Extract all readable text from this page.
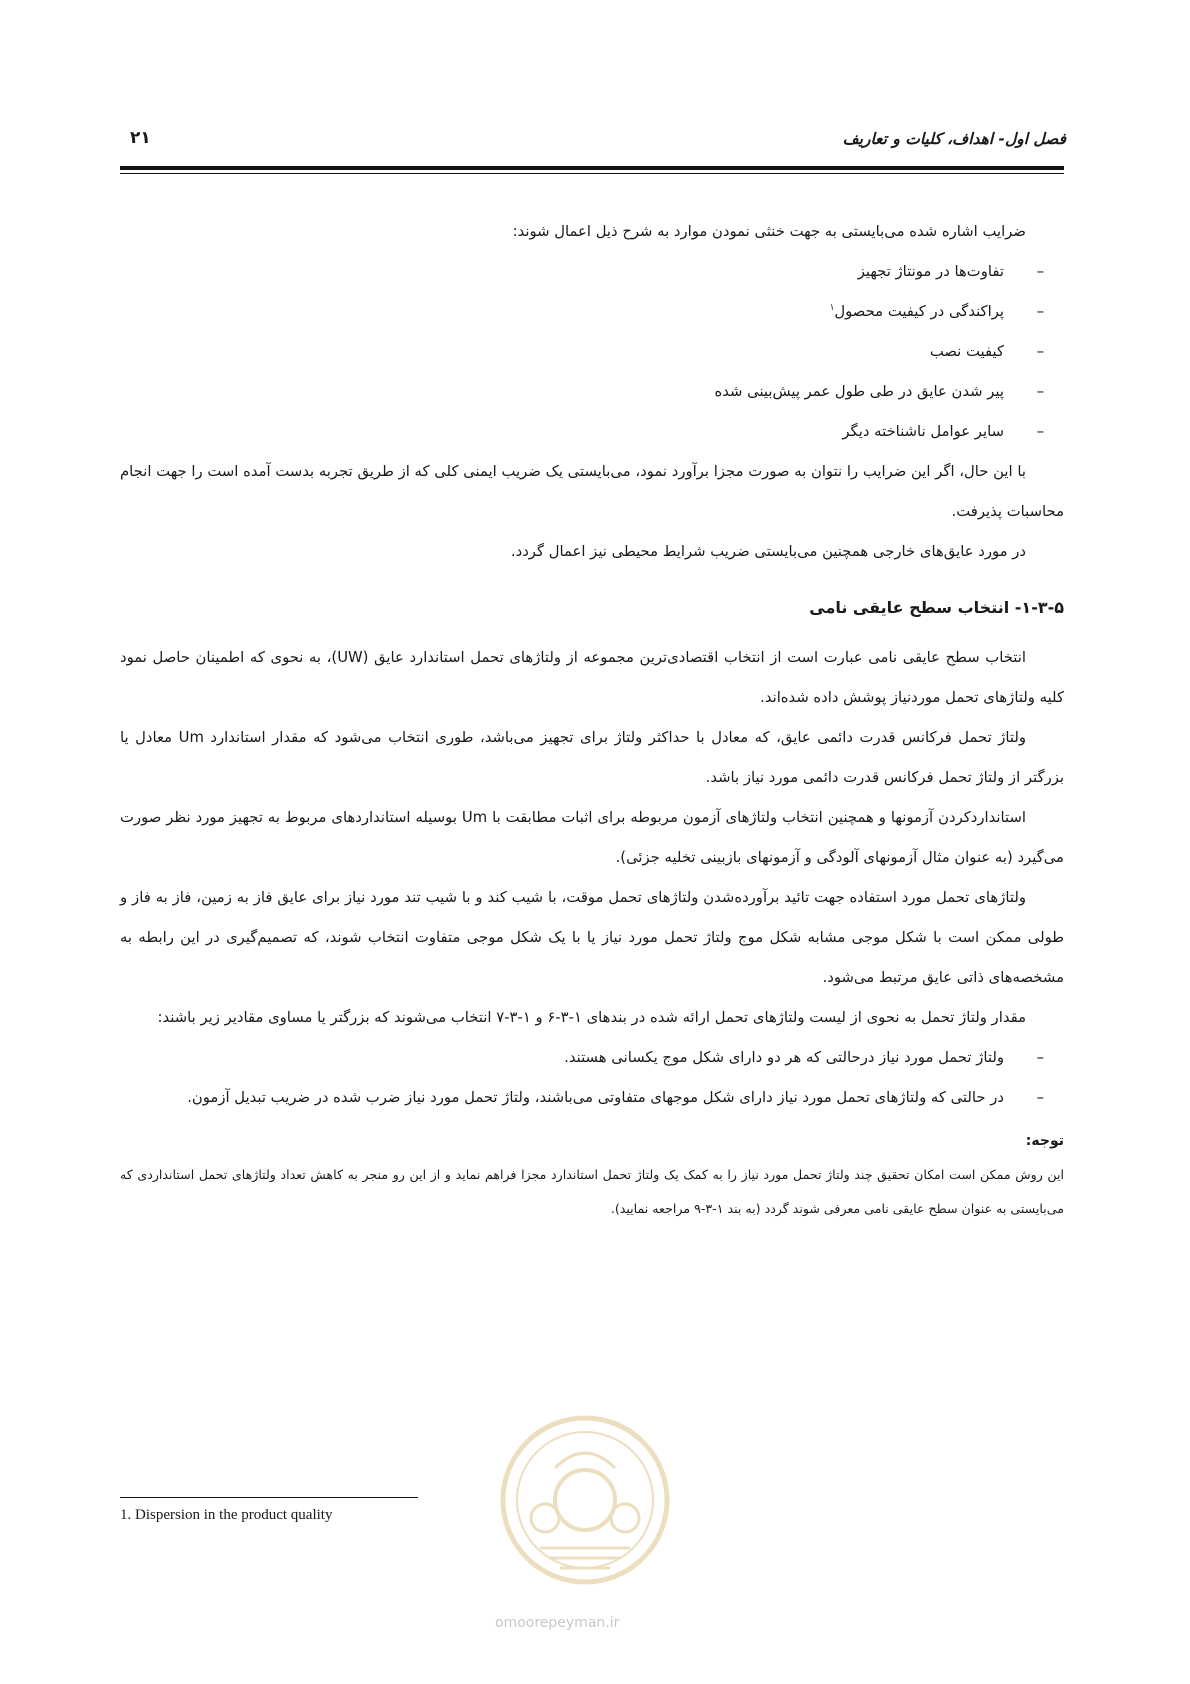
فصل اول- اهداف، کلیات و تعاریف
۲۱

ضرایب اشاره شده می‌بایستی به جهت خنثی نمودن موارد به شرح ذیل اعمال شوند:

–
تفاوت‌ها در مونتاژ تجهیز
–
پراکندگی در کیفیت محصول$^۱$
–
کیفیت نصب
–
پیر شدن عایق در طی طول عمر پیش‌بینی شده
–
سایر عوامل ناشناخته دیگر

با این حال، اگر این ضرایب را نتوان به صورت مجزا برآورد نمود، می‌بایستی یک ضریب ایمنی کلی که از طریق تجربه بدست آمده است را جهت انجام محاسبات پذیرفت.

در مورد عایق‌های خارجی همچنین می‌بایستی ضریب شرایط محیطی نیز اعمال گردد.

۱-۳-۵- انتخاب سطح عایقی نامی

انتخاب سطح عایقی نامی عبارت است از انتخاب اقتصادی‌ترین مجموعه از ولتاژهای تحمل استاندارد عایق (UW)، به نحوی که اطمینان حاصل نمود کلیه ولتاژهای تحمل موردنیاز پوشش داده شده‌اند.

ولتاژ تحمل فرکانس قدرت دائمی عایق، که معادل با حداکثر ولتاژ برای تجهیز می‌باشد، طوری انتخاب می‌شود که مقدار استاندارد Um معادل یا بزرگتر از ولتاژ تحمل فرکانس قدرت دائمی مورد نیاز باشد.

استانداردکردن آزمونها و همچنین انتخاب ولتاژهای آزمون مربوطه برای اثبات مطابقت با Um بوسیله استانداردهای مربوط به تجهیز مورد نظر صورت می‌گیرد (به عنوان مثال آزمونهای آلودگی و آزمونهای بازبینی تخلیه جزئی).

ولتاژهای تحمل مورد استفاده جهت تائید برآورده‌شدن ولتاژهای تحمل موقت، با شیب کند و با شیب تند مورد نیاز برای عایق فاز به زمین، فاز به فاز و طولی ممکن است با شکل موجی مشابه شکل موج ولتاژ تحمل مورد نیاز یا با یک شکل موجی متفاوت انتخاب شوند، که تصمیم‌گیری در این رابطه به مشخصه‌های ذاتی عایق مرتبط می‌شود.

مقدار ولتاژ تحمل به نحوی از لیست ولتاژهای تحمل ارائه شده در بندهای ۱-۳-۶ و ۱-۳-۷ انتخاب می‌شوند که بزرگتر یا مساوی مقادیر زیر باشند:

–
ولتاژ تحمل مورد نیاز درحالتی که هر دو دارای شکل موج یکسانی هستند.
–
در حالتی که ولتاژهای تحمل مورد نیاز دارای شکل موجهای متفاوتی می‌باشند، ولتاژ تحمل مورد نیاز ضرب شده در ضریب تبدیل آزمون.
توجه:

این روش ممکن است امکان تحقیق چند ولتاژ تحمل مورد نیاز را به کمک یک ولتاژ تحمل استاندارد مجزا فراهم نماید و از این رو منجر به کاهش تعداد ولتاژهای تحمل استانداردی که می‌بایستی به عنوان سطح عایقی نامی معرفی شوند گردد (به بند ۱-۳-۹ مراجعه نمایید).

omoorepeyman.ir
1. Dispersion in the product quality
